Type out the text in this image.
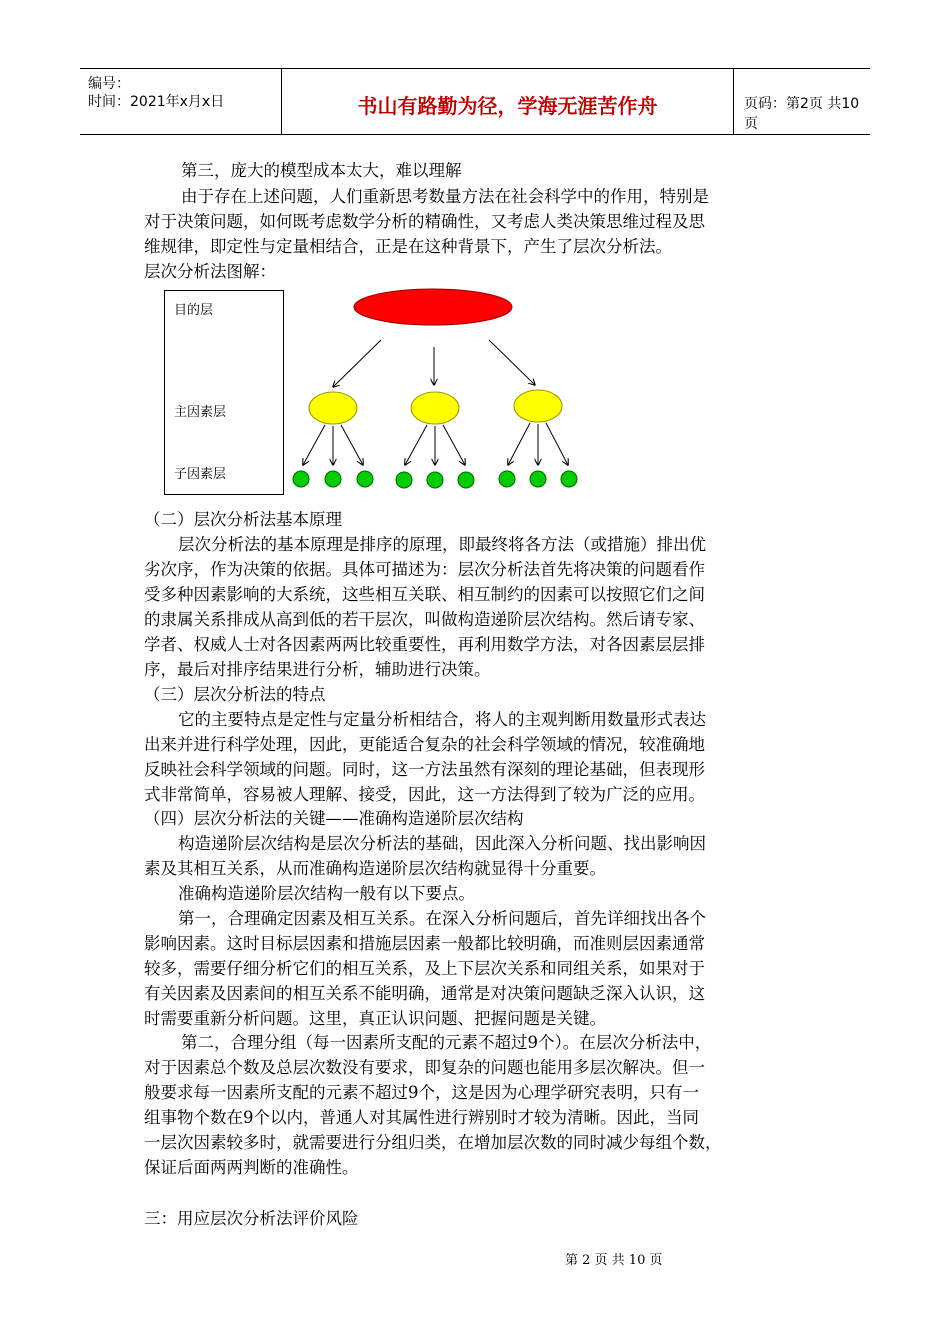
编号：
时间：2021年x月x日	书山有路勤为径，学海无涯苦作舟	页码：第2页 共10页
第三，庞大的模型成本太大，难以理解
由于存在上述问题，人们重新思考数量方法在社会科学中的作用，特别是
对于决策问题，如何既考虑数学分析的精确性，又考虑人类决策思维过程及思
维规律，即定性与定量相结合，正是在这种背景下，产生了层次分析法。
层次分析法图解：
目的层
主因素层
子因素层
（二）层次分析法基本原理
层次分析法的基本原理是排序的原理，即最终将各方法（或措施）排出优
劣次序，作为决策的依据。具体可描述为：层次分析法首先将决策的问题看作
受多种因素影响的大系统，这些相互关联、相互制约的因素可以按照它们之间
的隶属关系排成从高到低的若干层次，叫做构造递阶层次结构。然后请专家、
学者、权威人士对各因素两两比较重要性，再利用数学方法，对各因素层层排
序，最后对排序结果进行分析，辅助进行决策。
（三）层次分析法的特点
它的主要特点是定性与定量分析相结合，将人的主观判断用数量形式表达
出来并进行科学处理，因此，更能适合复杂的社会科学领域的情况，较准确地
反映社会科学领域的问题。同时，这一方法虽然有深刻的理论基础，但表现形
式非常简单，容易被人理解、接受，因此，这一方法得到了较为广泛的应用。
（四）层次分析法的关键——准确构造递阶层次结构
构造递阶层次结构是层次分析法的基础，因此深入分析问题、找出影响因
素及其相互关系，从而准确构造递阶层次结构就显得十分重要。
准确构造递阶层次结构一般有以下要点。
第一，合理确定因素及相互关系。在深入分析问题后，首先详细找出各个
影响因素。这时目标层因素和措施层因素一般都比较明确，而准则层因素通常
较多，需要仔细分析它们的相互关系，及上下层次关系和同组关系，如果对于
有关因素及因素间的相互关系不能明确，通常是对决策问题缺乏深入认识，这
时需要重新分析问题。这里，真正认识问题、把握问题是关键。
第二，合理分组（每一因素所支配的元素不超过9个）。在层次分析法中，
对于因素总个数及总层次数没有要求，即复杂的问题也能用多层次解决。但一
般要求每一因素所支配的元素不超过9个，这是因为心理学研究表明，只有一
组事物个数在9个以内，普通人对其属性进行辨别时才较为清晰。因此，当同
一层次因素较多时，就需要进行分组归类，在增加层次数的同时减少每组个数，
保证后面两两判断的准确性。
三：用应层次分析法评价风险
第 2 页 共 10 页
